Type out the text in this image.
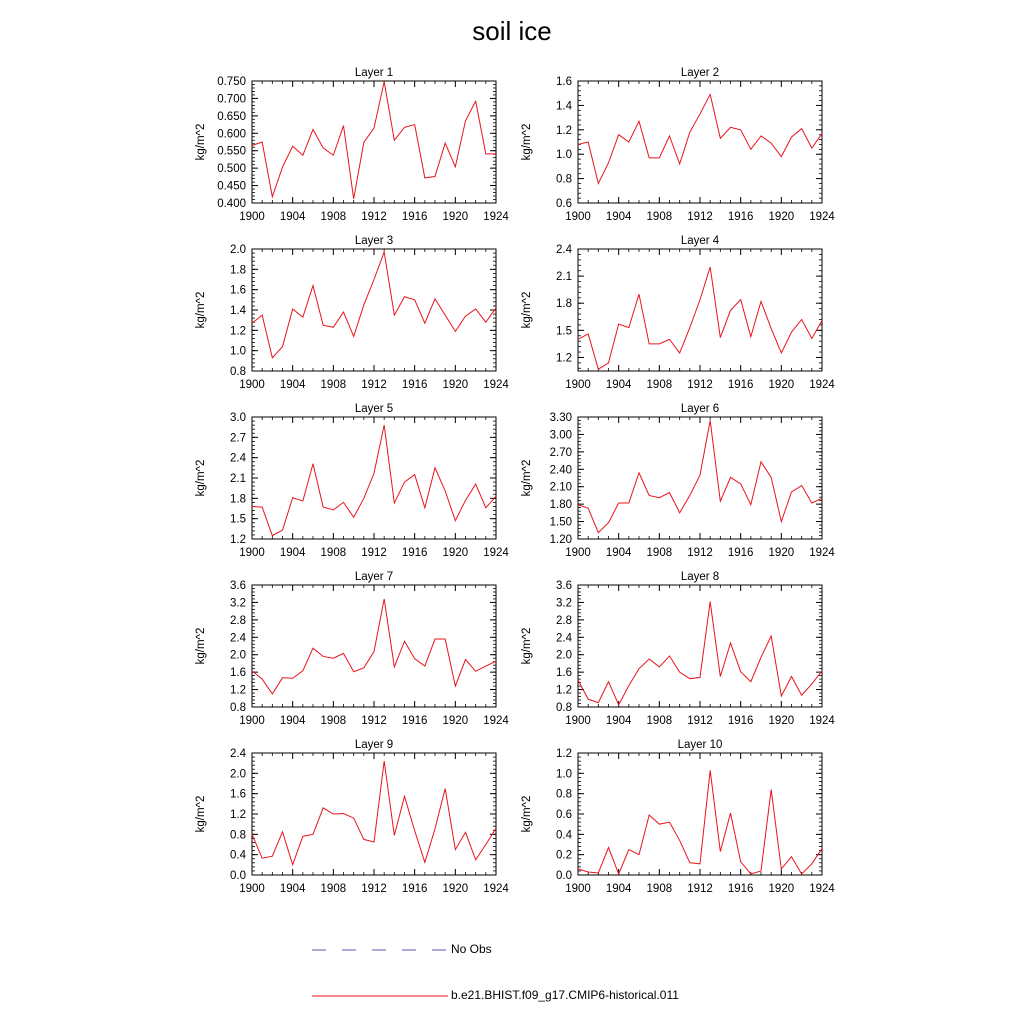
soil ice
Layer 1
kg/m^2
0.400
0.450
0.500
0.550
0.600
0.650
0.700
0.750
1900 1904 1908 1912 1916 1920 1924
Layer 2
kg/m^2
0.6
0.8
1.0
1.2
1.4
1.6
1900 1904 1908 1912 1916 1920 1924
Layer 3
kg/m^2
0.8
1.0
1.2
1.4
1.6
1.8
2.0
1900 1904 1908 1912 1916 1920 1924
Layer 4
kg/m^2
1.2
1.5
1.8
2.1
2.4
1900 1904 1908 1912 1916 1920 1924
Layer 5
kg/m^2
1.2
1.5
1.8
2.1
2.4
2.7
3.0
1900 1904 1908 1912 1916 1920 1924
Layer 6
kg/m^2
1.20
1.50
1.80
2.10
2.40
2.70
3.00
3.30
1900 1904 1908 1912 1916 1920 1924
Layer 7
kg/m^2
0.8
1.2
1.6
2.0
2.4
2.8
3.2
3.6
1900 1904 1908 1912 1916 1920 1924
Layer 8
kg/m^2
0.8
1.2
1.6
2.0
2.4
2.8
3.2
3.6
1900 1904 1908 1912 1916 1920 1924
Layer 9
kg/m^2
0.0
0.4
0.8
1.2
1.6
2.0
2.4
1900 1904 1908 1912 1916 1920 1924
Layer 10
kg/m^2
0.0
0.2
0.4
0.6
0.8
1.0
1.2
1900 1904 1908 1912 1916 1920 1924
No Obs
b.e21.BHIST.f09_g17.CMIP6-historical.011
